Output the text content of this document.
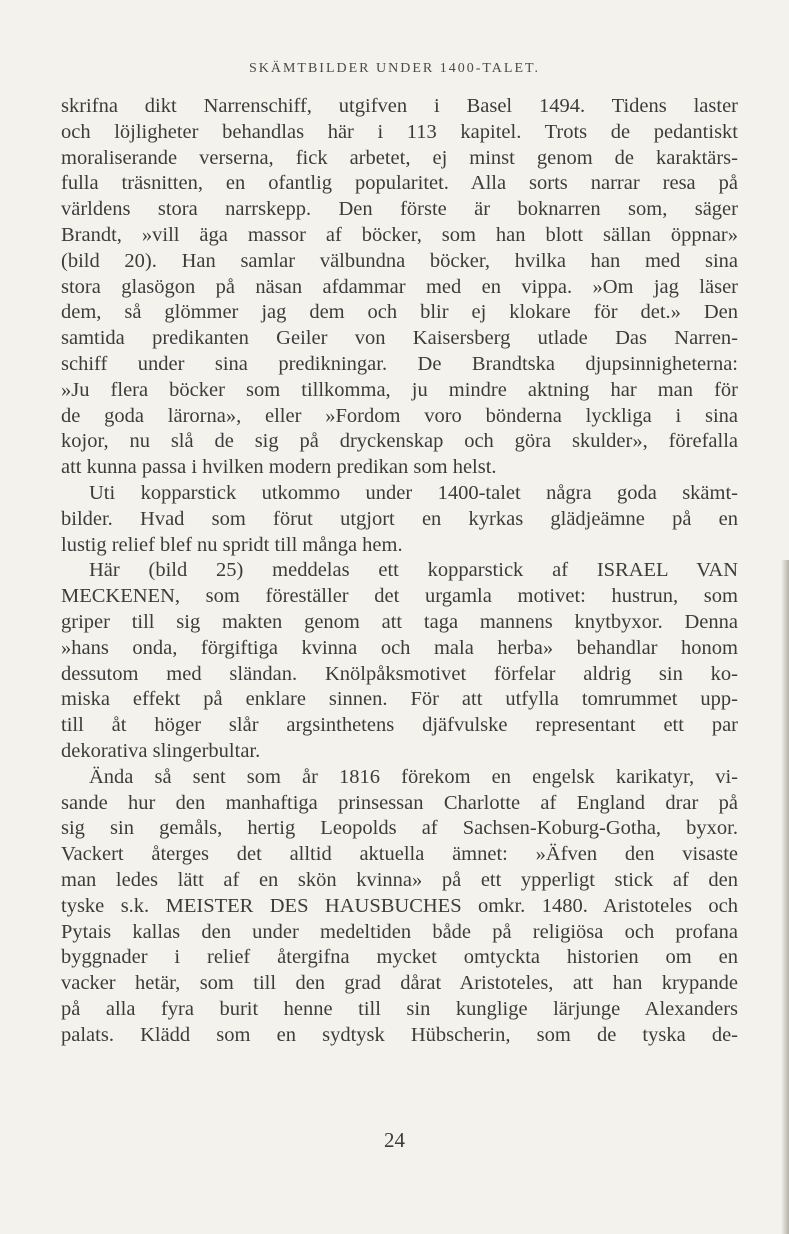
SKÄMTBILDER UNDER 1400-TALET.
skrifna dikt Narrenschiff, utgifven i Basel 1494. Tidens laster
och löjligheter behandlas här i 113 kapitel. Trots de pedantiskt
moraliserande verserna, fick arbetet, ej minst genom de karaktärs-
fulla träsnitten, en ofantlig popularitet. Alla sorts narrar resa på
världens stora narrskepp. Den förste är boknarren som, säger
Brandt, »vill äga massor af böcker, som han blott sällan öppnar»
(bild 20). Han samlar välbundna böcker, hvilka han med sina
stora glasögon på näsan afdammar med en vippa. »Om jag läser
dem, så glömmer jag dem och blir ej klokare för det.» Den
samtida predikanten Geiler von Kaisersberg utlade Das Narren-
schiff under sina predikningar. De Brandtska djupsinnigheterna:
»Ju flera böcker som tillkomma, ju mindre aktning har man för
de goda lärorna», eller »Fordom voro bönderna lyckliga i sina
kojor, nu slå de sig på dryckenskap och göra skulder», förefalla
att kunna passa i hvilken modern predikan som helst.
Uti kopparstick utkommo under 1400-talet några goda skämt-
bilder. Hvad som förut utgjort en kyrkas glädjeämne på en
lustig relief blef nu spridt till många hem.
Här (bild 25) meddelas ett kopparstick af ISRAEL VAN
MECKENEN, som föreställer det urgamla motivet: hustrun, som
griper till sig makten genom att taga mannens knytbyxor. Denna
»hans onda, förgiftiga kvinna och mala herba» behandlar honom
dessutom med sländan. Knölpåksmotivet förfelar aldrig sin ko-
miska effekt på enklare sinnen. För att utfylla tomrummet upp-
till åt höger slår argsinthetens djäfvulske representant ett par
dekorativa slingerbultar.
Ända så sent som år 1816 förekom en engelsk karikatyr, vi-
sande hur den manhaftiga prinsessan Charlotte af England drar på
sig sin gemåls, hertig Leopolds af Sachsen-Koburg-Gotha, byxor.
Vackert återges det alltid aktuella ämnet: »Äfven den visaste
man ledes lätt af en skön kvinna» på ett ypperligt stick af den
tyske s.k. MEISTER DES HAUSBUCHES omkr. 1480. Aristoteles och
Pytais kallas den under medeltiden både på religiösa och profana
byggnader i relief återgifna mycket omtyckta historien om en
vacker hetär, som till den grad dårat Aristoteles, att han krypande
på alla fyra burit henne till sin kunglige lärjunge Alexanders
palats. Klädd som en sydtysk Hübscherin, som de tyska de-
24
